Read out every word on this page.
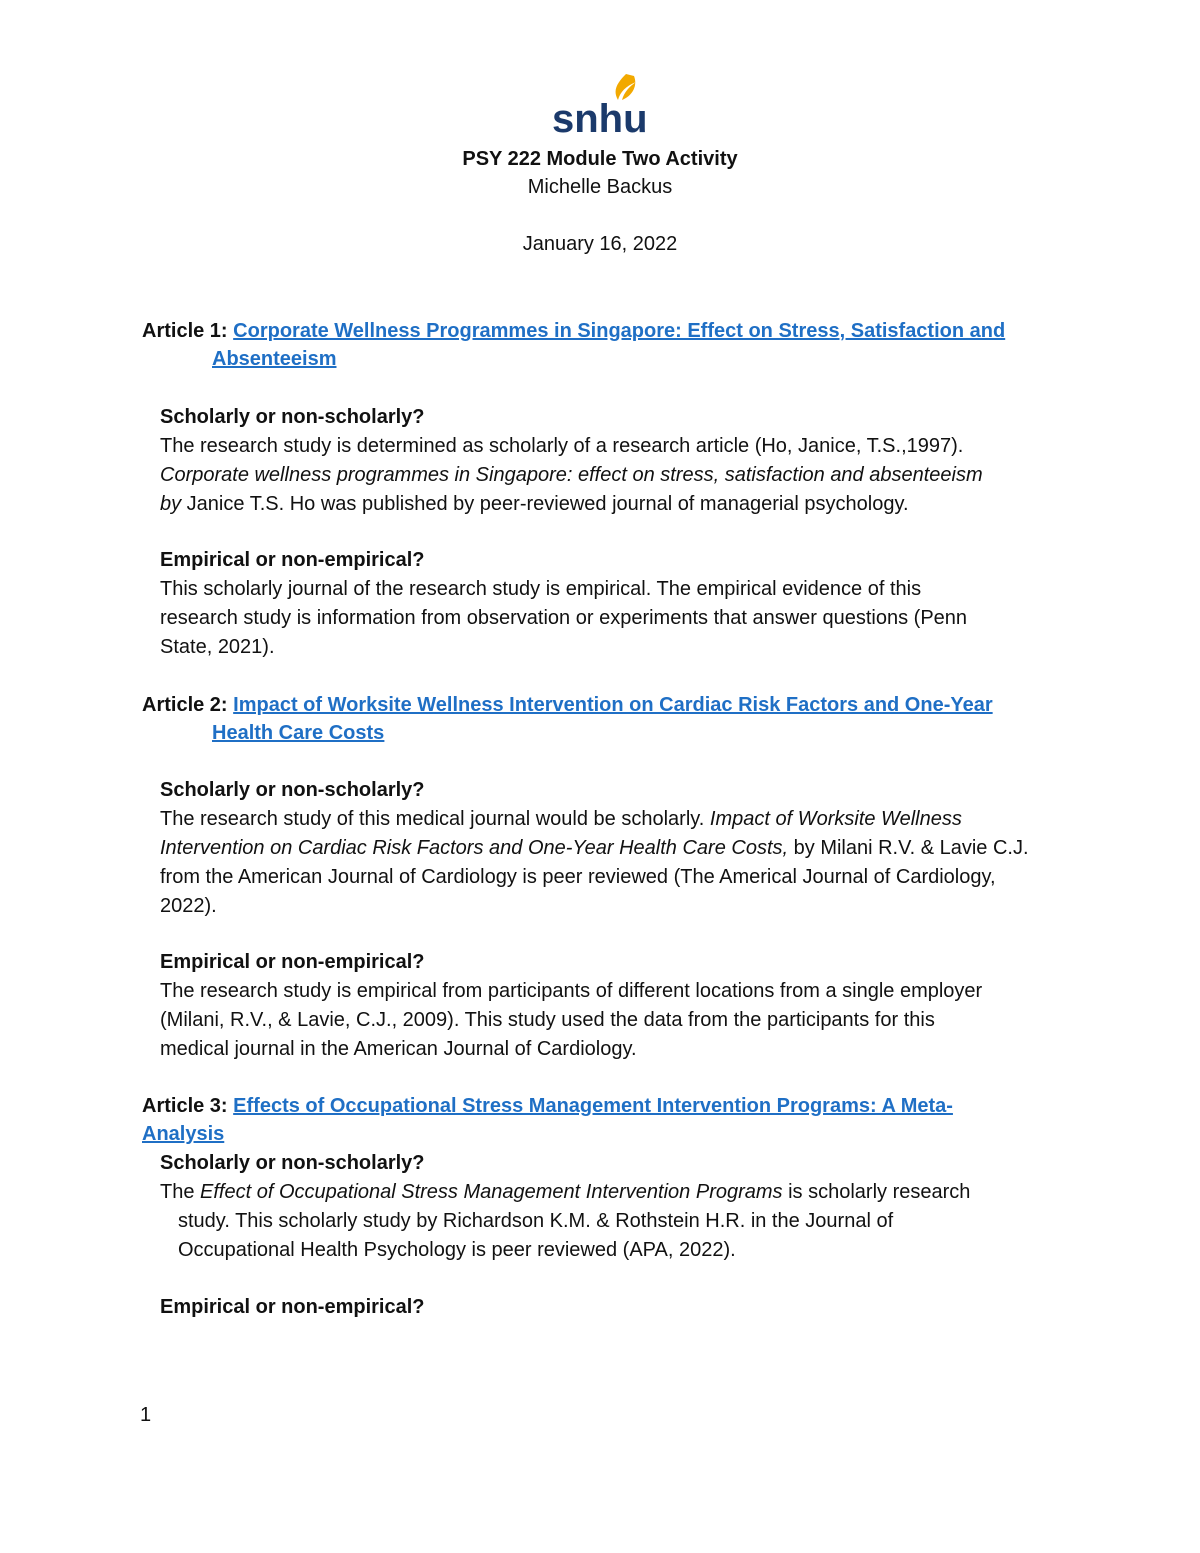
snhu
PSY 222 Module Two Activity
Michelle Backus
January 16, 2022
Article 1: Corporate Wellness Programmes in Singapore: Effect on Stress, Satisfaction and
Absenteeism
Scholarly or non-scholarly?
The research study is determined as scholarly of a research article (Ho, Janice, T.S.,1997).
Corporate wellness programmes in Singapore: effect on stress, satisfaction and absenteeism
by Janice T.S. Ho was published by peer-reviewed journal of managerial psychology.
Empirical or non-empirical?
This scholarly journal of the research study is empirical. The empirical evidence of this
research study is information from observation or experiments that answer questions (Penn
State, 2021).
Article 2: Impact of Worksite Wellness Intervention on Cardiac Risk Factors and One-Year
Health Care Costs
Scholarly or non-scholarly?
The research study of this medical journal would be scholarly. Impact of Worksite Wellness
Intervention on Cardiac Risk Factors and One-Year Health Care Costs, by Milani R.V. & Lavie C.J.
from the American Journal of Cardiology is peer reviewed (The Americal Journal of Cardiology,
2022).
Empirical or non-empirical?
The research study is empirical from participants of different locations from a single employer
(Milani, R.V., & Lavie, C.J., 2009). This study used the data from the participants for this
medical journal in the American Journal of Cardiology.
Article 3: Effects of Occupational Stress Management Intervention Programs: A Meta-Analysis
Scholarly or non-scholarly?
The Effect of Occupational Stress Management Intervention Programs is scholarly research
study. This scholarly study by Richardson K.M. & Rothstein H.R. in the Journal of
Occupational Health Psychology is peer reviewed (APA, 2022).
Empirical or non-empirical?
1
